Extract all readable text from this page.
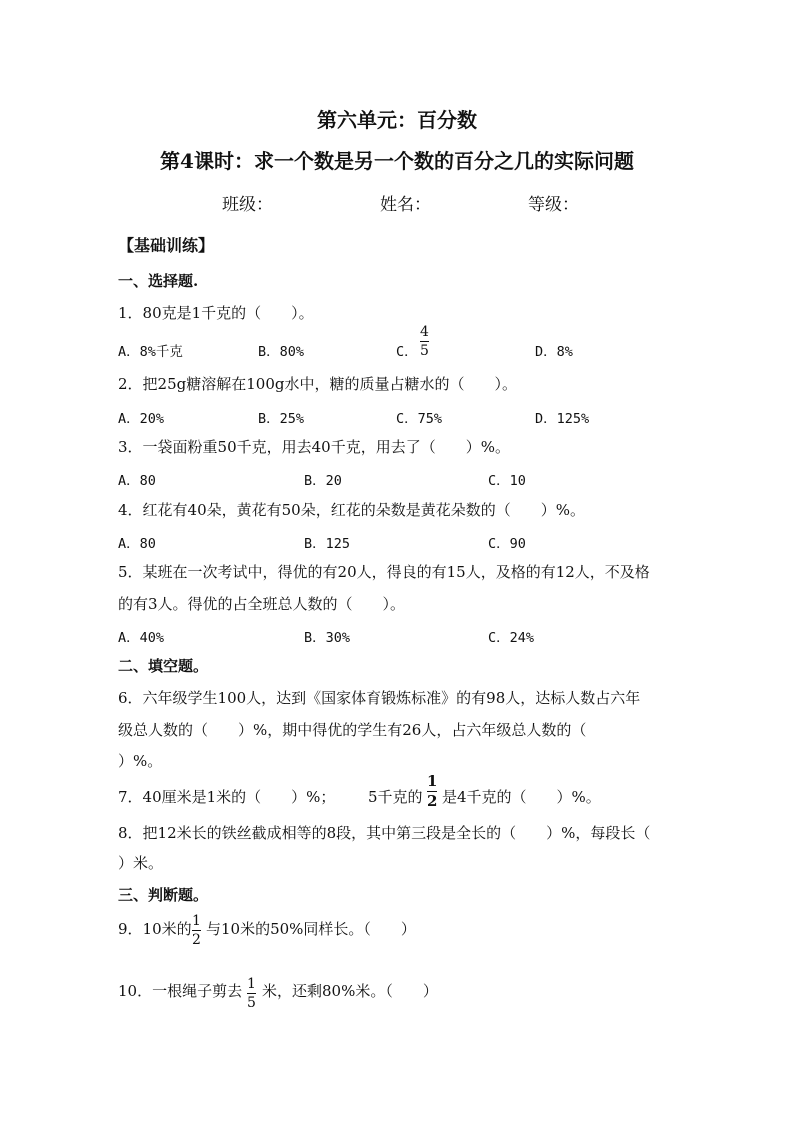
第六单元：百分数
第4课时：求一个数是另一个数的百分之几的实际问题
班级：	姓名：	等级：
【基础训练】
一、选择题.
1．80克是1千克的（　　）。
A．8%千克	B．80%	C．
4
5	D．8%
2．把25g糖溶解在100g水中，糖的质量占糖水的（　　）。
A．20%	B．25%	C．75%	D．125%
3．一袋面粉重50千克，用去40千克，用去了（　　）%。
A．80	B．20	C．10
4．红花有40朵，黄花有50朵，红花的朵数是黄花朵数的（　　）%。
A．80	B．125	C．90
5．某班在一次考试中，得优的有20人，得良的有15人，及格的有12人，不及格
的有3人。得优的占全班总人数的（　　）。
A．40%	B．30%	C．24%
二、填空题。
6．六年级学生100人，达到《国家体育锻炼标准》的有98人，达标人数占六年
级总人数的（　　）%，期中得优的学生有26人，占六年级总人数的（
）%。
7．40厘米是1米的（　　）%； 5千克的
1
2 是4千克的（　　）%。
8．把12米长的铁丝截成相等的8段，其中第三段是全长的（　　）%，每段长（
）米。
三、判断题。
9．10米的 1
2
与10米的50%同样长。（　　）
10．一根绳子剪去 1
5
米，还剩80%米。（　　）
